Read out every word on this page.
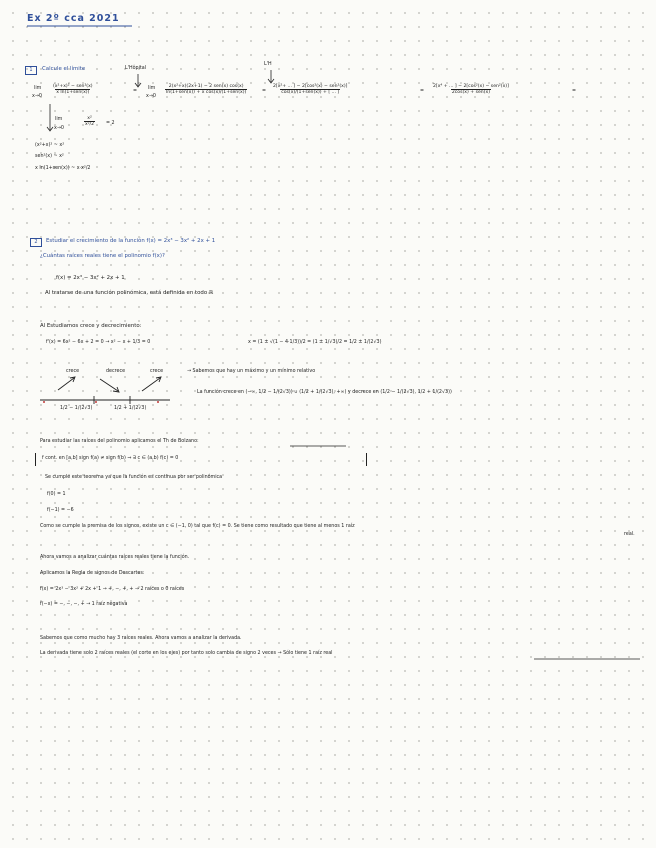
Ex 2º cca 2021
1	Calcule el límite	L'Hôpital
L'H
lim
x→0
(x²+x)² − sen²(x)
x ln(1+sen(x))	=
lim
x→0
2(x²+x)(2x+1) − 2 sen(x) cos(x)
ln(1+sen(x)) + x cos(x)/(1+sen(x))	=
2[x²+ ... ] − 2[cos²(x) − sen²(x)]
cos(x)/(1+sen(x)) + [ ... ]	=
2[x⁴ + ... ] − 2[cos²(x) − sen²(x)]
2cos(x) + sen(x)	=
lim
x→0
$\frac{\text{x²}}{\text{x²/2}} = 2$
(x²+x)² ~ x²
sen²(x) ~ x²
x ln(1+sen(x)) ~ x·x²/2
2	Estudiar el crecimiento de la función f(x) = 2x³ − 3x² + 2x + 1
¿Cuántas raíces reales tiene el polinomio f(x)?
f(x) = 2x³ − 3x² + 2x + 1
Al tratarse de una función polinómica, está definida en todo ℝ
Al Estudiamos crece y decrecimiento:
f'(x) = 6x² − 6x + 2 = 0 → x² − x + 1/3 = 0	x = (1 ± √(1 − 4·1/3))/2 = (1 ± 1/√3)/2 = 1/2 ± 1/(2√3)
crece	decrece	crece
1/2 − 1/(2√3)	1/2 + 1/(2√3)
→ Sabemos que hay un máximo y un mínimo relativo
La función crece en (−∞, 1/2 − 1/(2√3)) ∪ (1/2 + 1/(2√3), +∞) y decrece en (1/2 − 1/(2√3), 1/2 + 1/(2√3))
Para estudiar las raíces del polinomio aplicamos el Th de Bolzano:
f cont. en [a,b] sign f(a) ≠ sign f(b) ⇒ ∃ c ∈ (a,b) f(c) = 0
Se cumple este teorema ya que la función es continua por ser polinómica
f(0) = 1
f(−1) = −6
Como se cumple la premisa de los signos, existe un c ∈ (−1, 0) tal que f(c) = 0. Se tiene como resultado que tiene al menos 1 raíz
real.
Ahora vamos a analizar cuántas raíces reales tiene la función.
Aplicamos la Regla de signos de Descartes:
f(x) = 2x³ − 3x² + 2x + 1 → +, −, +, + → 2 raíces o 0 raíces
f(−x) = −, −, −, + → 1 raíz negativa
Sabemos que como mucho hay 3 raíces reales. Ahora vamos a analizar la derivada.
La derivada tiene solo 2 raíces reales (el corte en los ejes) por tanto solo cambia de signo 2 veces → Sólo tiene 1 raíz real
